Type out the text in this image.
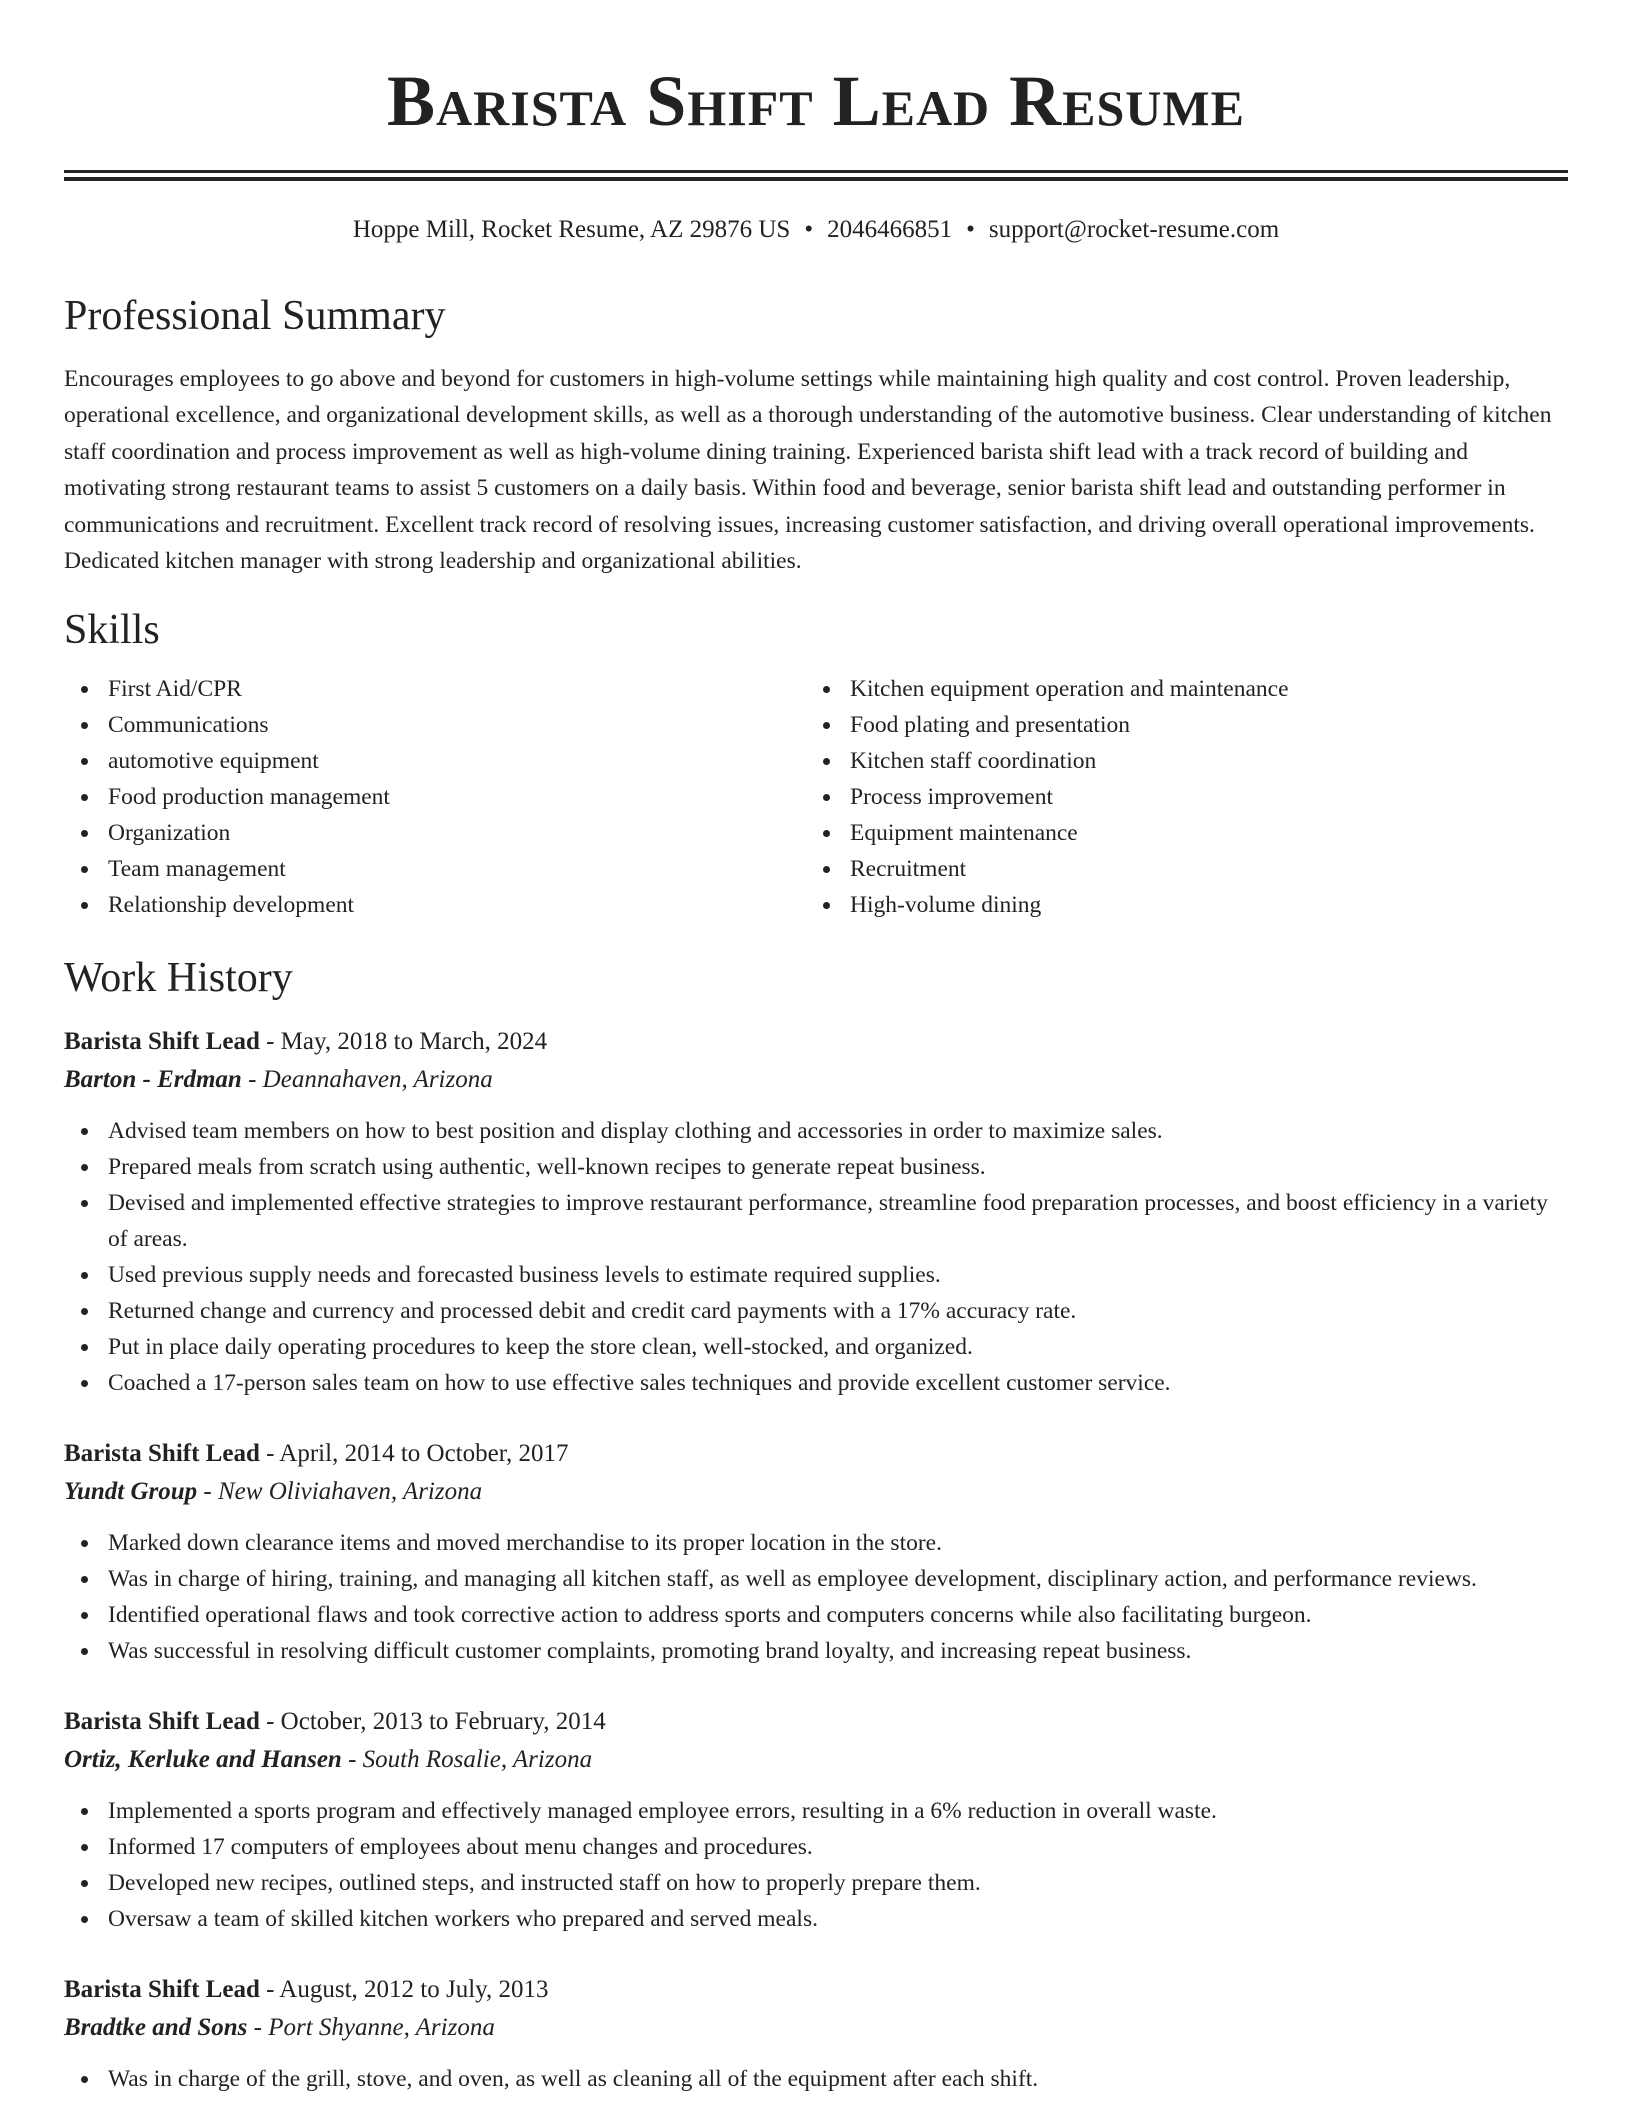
Barista Shift Lead Resume
Hoppe Mill, Rocket Resume, AZ 29876 US • 2046466851 • support@rocket-resume.com
Professional Summary

Encourages employees to go above and beyond for customers in high-volume settings while maintaining high quality and cost control. Proven leadership, operational excellence, and organizational development skills, as well as a thorough understanding of the automotive business. Clear understanding of kitchen staff coordination and process improvement as well as high-volume dining training. Experienced barista shift lead with a track record of building and motivating strong restaurant teams to assist 5 customers on a daily basis. Within food and beverage, senior barista shift lead and outstanding performer in communications and recruitment. Excellent track record of resolving issues, increasing customer satisfaction, and driving overall operational improvements. Dedicated kitchen manager with strong leadership and organizational abilities.

Skills
First Aid/CPR
Communications
automotive equipment
Food production management
Organization
Team management
Relationship development
Kitchen equipment operation and maintenance
Food plating and presentation
Kitchen staff coordination
Process improvement
Equipment maintenance
Recruitment
High-volume dining
Work History
Barista Shift Lead - May, 2018 to March, 2024
Barton - Erdman - Deannahaven, Arizona
Advised team members on how to best position and display clothing and accessories in order to maximize sales.
Prepared meals from scratch using authentic, well-known recipes to generate repeat business.
Devised and implemented effective strategies to improve restaurant performance, streamline food preparation processes, and boost efficiency in a variety of areas.
Used previous supply needs and forecasted business levels to estimate required supplies.
Returned change and currency and processed debit and credit card payments with a 17% accuracy rate.
Put in place daily operating procedures to keep the store clean, well-stocked, and organized.
Coached a 17-person sales team on how to use effective sales techniques and provide excellent customer service.
Barista Shift Lead - April, 2014 to October, 2017
Yundt Group - New Oliviahaven, Arizona
Marked down clearance items and moved merchandise to its proper location in the store.
Was in charge of hiring, training, and managing all kitchen staff, as well as employee development, disciplinary action, and performance reviews.
Identified operational flaws and took corrective action to address sports and computers concerns while also facilitating burgeon.
Was successful in resolving difficult customer complaints, promoting brand loyalty, and increasing repeat business.
Barista Shift Lead - October, 2013 to February, 2014
Ortiz, Kerluke and Hansen - South Rosalie, Arizona
Implemented a sports program and effectively managed employee errors, resulting in a 6% reduction in overall waste.
Informed 17 computers of employees about menu changes and procedures.
Developed new recipes, outlined steps, and instructed staff on how to properly prepare them.
Oversaw a team of skilled kitchen workers who prepared and served meals.
Barista Shift Lead - August, 2012 to July, 2013
Bradtke and Sons - Port Shyanne, Arizona
Was in charge of the grill, stove, and oven, as well as cleaning all of the equipment after each shift.
